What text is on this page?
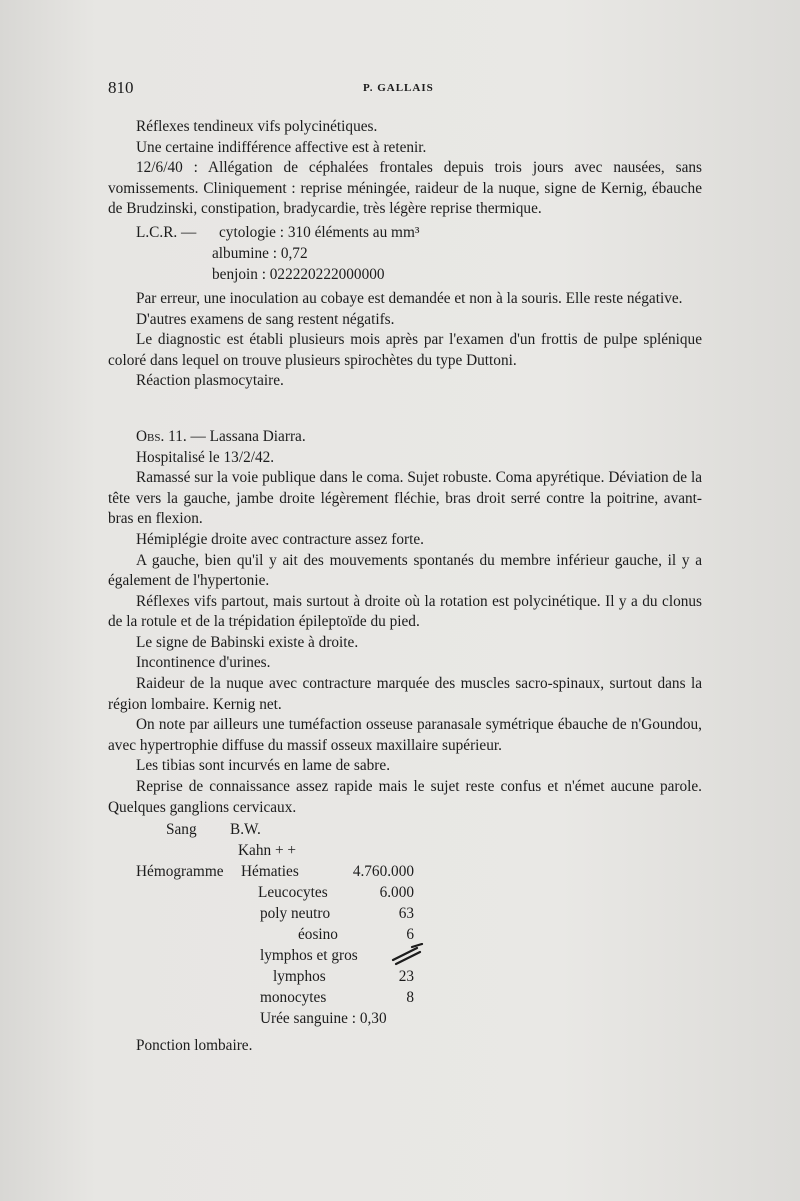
810	P. GALLAIS

Réflexes tendineux vifs polycinétiques.

Une certaine indifférence affective est à retenir.

12/6/40 : Allégation de céphalées frontales depuis trois jours avec nausées, sans vomissements. Cliniquement : reprise méningée, raideur de la nuque, signe de Kernig, ébauche de Brudzinski, constipation, bradycardie, très légère reprise thermique.

L.C.R. — cytologie : 310 éléments au mm³
albumine : 0,72
benjoin : 022220222000000

Par erreur, une inoculation au cobaye est demandée et non à la souris. Elle reste négative.

D'autres examens de sang restent négatifs.

Le diagnostic est établi plusieurs mois après par l'examen d'un frottis de pulpe splénique coloré dans lequel on trouve plusieurs spirochètes du type Duttoni.

Réaction plasmocytaire.

Obs. 11. — Lassana Diarra.

Hospitalisé le 13/2/42.

Ramassé sur la voie publique dans le coma. Sujet robuste. Coma apyrétique. Déviation de la tête vers la gauche, jambe droite légèrement fléchie, bras droit serré contre la poitrine, avant-bras en flexion.

Hémiplégie droite avec contracture assez forte.

A gauche, bien qu'il y ait des mouvements spontanés du membre inférieur gauche, il y a également de l'hypertonie.

Réflexes vifs partout, mais surtout à droite où la rotation est polycinétique. Il y a du clonus de la rotule et de la trépidation épileptoïde du pied.

Le signe de Babinski existe à droite.

Incontinence d'urines.

Raideur de la nuque avec contracture marquée des muscles sacro-spinaux, surtout dans la région lombaire. Kernig net.

On note par ailleurs une tuméfaction osseuse paranasale symétrique ébauche de n'Goundou, avec hypertrophie diffuse du massif osseux maxillaire supérieur.

Les tibias sont incurvés en lame de sabre.

Reprise de connaissance assez rapide mais le sujet reste confus et n'émet aucune parole. Quelques ganglions cervicaux.

Sang B.W.
Kahn + +
Hémogramme Hématies	4.760.000
Leucocytes	6.000
poly neutro	63
éosino	6
lymphos et gros
lymphos	23
monocytes	8
Urée sanguine : 0,30

Ponction lombaire.
